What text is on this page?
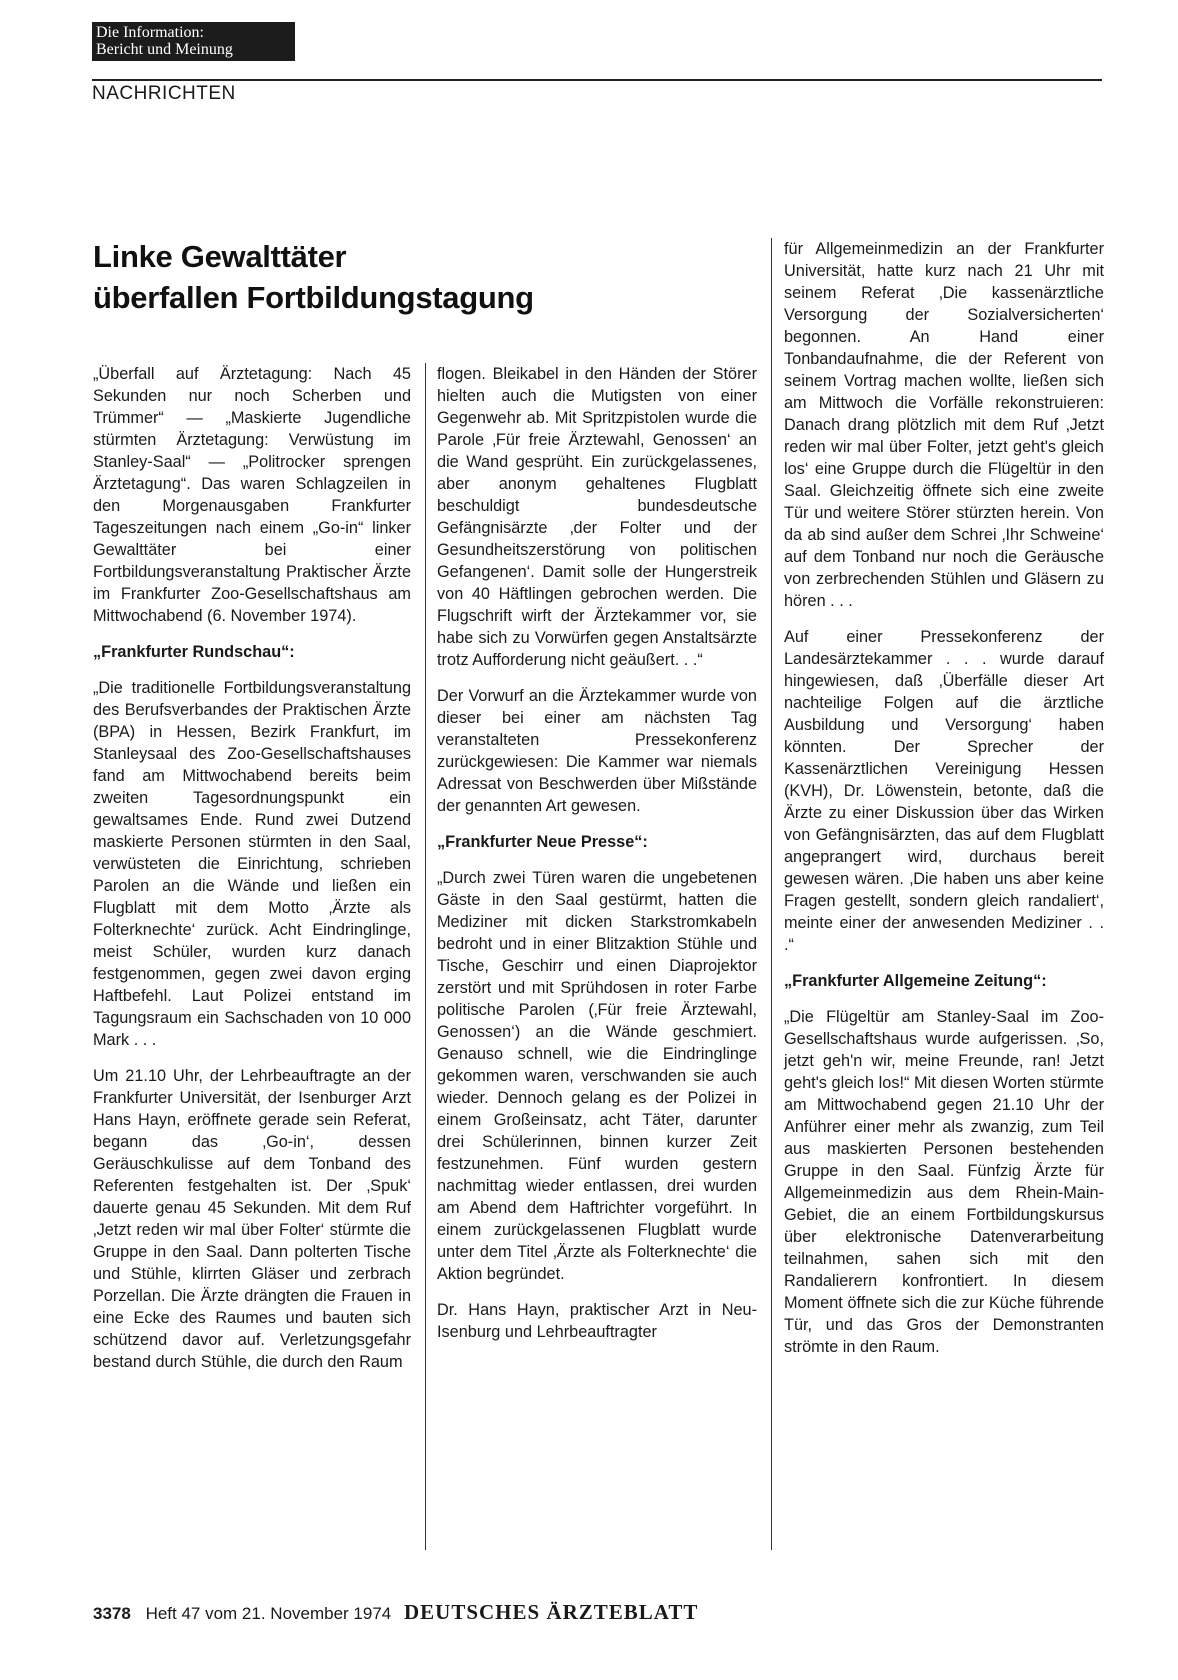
Die Information:
Bericht und Meinung
NACHRICHTEN
Linke Gewalttäter
überfallen Fortbildungstagung

„Überfall auf Ärztetagung: Nach 45 Sekunden nur noch Scherben und Trümmer“ — „Maskierte Jugendliche stürmten Ärztetagung: Verwüstung im Stanley-Saal“ — „Politrocker sprengen Ärztetagung“. Das waren Schlagzeilen in den Morgenausgaben Frankfurter Tageszeitungen nach einem „Go-in“ linker Gewalttäter bei einer Fortbildungsveranstaltung Praktischer Ärzte im Frankfurter Zoo-Gesellschaftshaus am Mittwochabend (6. November 1974).

„Frankfurter Rundschau“:

„Die traditionelle Fortbildungsveranstaltung des Berufsverbandes der Praktischen Ärzte (BPA) in Hessen, Bezirk Frankfurt, im Stanleysaal des Zoo-Gesellschaftshauses fand am Mittwochabend bereits beim zweiten Tagesordnungspunkt ein gewaltsames Ende. Rund zwei Dutzend maskierte Personen stürmten in den Saal, verwüsteten die Einrichtung, schrieben Parolen an die Wände und ließen ein Flugblatt mit dem Motto ‚Ärzte als Folterknechte‘ zurück. Acht Eindringlinge, meist Schüler, wurden kurz danach festgenommen, gegen zwei davon erging Haftbefehl. Laut Polizei entstand im Tagungsraum ein Sachschaden von 10 000 Mark . . .

Um 21.10 Uhr, der Lehrbeauftragte an der Frankfurter Universität, der Isenburger Arzt Hans Hayn, eröffnete gerade sein Referat, begann das ‚Go-in‘, dessen Geräuschkulisse auf dem Tonband des Referenten festgehalten ist. Der ‚Spuk‘ dauerte genau 45 Sekunden. Mit dem Ruf ‚Jetzt reden wir mal über Folter‘ stürmte die Gruppe in den Saal. Dann polterten Tische und Stühle, klirrten Gläser und zerbrach Porzellan. Die Ärzte drängten die Frauen in eine Ecke des Raumes und bauten sich schützend davor auf. Verletzungsgefahr bestand durch Stühle, die durch den Raum

flogen. Bleikabel in den Händen der Störer hielten auch die Mutigsten von einer Gegenwehr ab. Mit Spritzpistolen wurde die Parole ‚Für freie Ärztewahl, Genossen‘ an die Wand gesprüht. Ein zurückgelassenes, aber anonym gehaltenes Flugblatt beschuldigt bundesdeutsche Gefängnisärzte ‚der Folter und der Gesundheitszerstörung von politischen Gefangenen‘. Damit solle der Hungerstreik von 40 Häftlingen gebrochen werden. Die Flugschrift wirft der Ärztekammer vor, sie habe sich zu Vorwürfen gegen Anstaltsärzte trotz Aufforderung nicht geäußert. . .“

Der Vorwurf an die Ärztekammer wurde von dieser bei einer am nächsten Tag veranstalteten Pressekonferenz zurückgewiesen: Die Kammer war niemals Adressat von Beschwerden über Mißstände der genannten Art gewesen.

„Frankfurter Neue Presse“:

„Durch zwei Türen waren die ungebetenen Gäste in den Saal gestürmt, hatten die Mediziner mit dicken Starkstromkabeln bedroht und in einer Blitzaktion Stühle und Tische, Geschirr und einen Diaprojektor zerstört und mit Sprühdosen in roter Farbe politische Parolen (‚Für freie Ärztewahl, Genossen‘) an die Wände geschmiert. Genauso schnell, wie die Eindringlinge gekommen waren, verschwanden sie auch wieder. Dennoch gelang es der Polizei in einem Großeinsatz, acht Täter, darunter drei Schülerinnen, binnen kurzer Zeit festzunehmen. Fünf wurden gestern nachmittag wieder entlassen, drei wurden am Abend dem Haftrichter vorgeführt. In einem zurückgelassenen Flugblatt wurde unter dem Titel ‚Ärzte als Folterknechte‘ die Aktion begründet.

Dr. Hans Hayn, praktischer Arzt in Neu-Isenburg und Lehrbeauftragter

für Allgemeinmedizin an der Frankfurter Universität, hatte kurz nach 21 Uhr mit seinem Referat ‚Die kassenärztliche Versorgung der Sozialversicherten‘ begonnen. An Hand einer Tonbandaufnahme, die der Referent von seinem Vortrag machen wollte, ließen sich am Mittwoch die Vorfälle rekonstruieren: Danach drang plötzlich mit dem Ruf ‚Jetzt reden wir mal über Folter, jetzt geht's gleich los‘ eine Gruppe durch die Flügeltür in den Saal. Gleichzeitig öffnete sich eine zweite Tür und weitere Störer stürzten herein. Von da ab sind außer dem Schrei ‚Ihr Schweine‘ auf dem Tonband nur noch die Geräusche von zerbrechenden Stühlen und Gläsern zu hören . . .

Auf einer Pressekonferenz der Landesärztekammer . . . wurde darauf hingewiesen, daß ‚Überfälle dieser Art nachteilige Folgen auf die ärztliche Ausbildung und Versorgung‘ haben könnten. Der Sprecher der Kassenärztlichen Vereinigung Hessen (KVH), Dr. Löwenstein, betonte, daß die Ärzte zu einer Diskussion über das Wirken von Gefängnisärzten, das auf dem Flugblatt angeprangert wird, durchaus bereit gewesen wären. ‚Die haben uns aber keine Fragen gestellt, sondern gleich randaliert‘, meinte einer der anwesenden Mediziner . . .“

„Frankfurter Allgemeine Zeitung“:

„Die Flügeltür am Stanley-Saal im Zoo-Gesellschaftshaus wurde aufgerissen. ‚So, jetzt geh'n wir, meine Freunde, ran! Jetzt geht's gleich los!“ Mit diesen Worten stürmte am Mittwochabend gegen 21.10 Uhr der Anführer einer mehr als zwanzig, zum Teil aus maskierten Personen bestehenden Gruppe in den Saal. Fünfzig Ärzte für Allgemeinmedizin aus dem Rhein-Main-Gebiet, die an einem Fortbildungskursus über elektronische Datenverarbeitung teilnahmen, sahen sich mit den Randalierern konfrontiert. In diesem Moment öffnete sich die zur Küche führende Tür, und das Gros der Demonstranten strömte in den Raum.

3378 Heft 47 vom 21. November 1974 DEUTSCHES ÄRZTEBLATT
